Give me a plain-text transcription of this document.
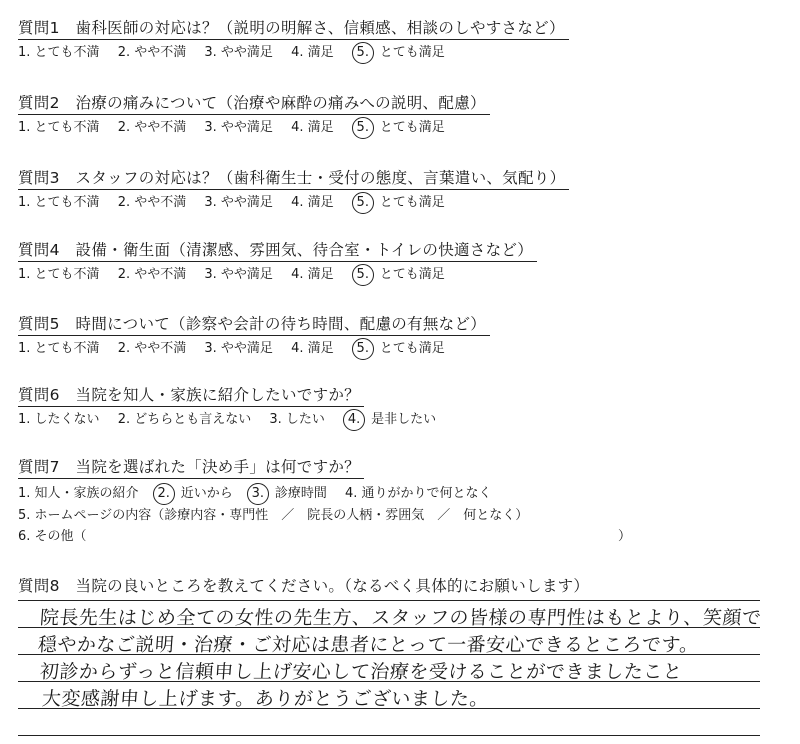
質問1　歯科医師の対応は？（説明の明解さ、信頼感、相談のしやすさなど）
1. とても不満 2. やや不満 3. やや満足 4. 満足 5. とても満足
質問2　治療の痛みについて（治療や麻酔の痛みへの説明、配慮）
1. とても不満 2. やや不満 3. やや満足 4. 満足 5. とても満足
質問3　スタッフの対応は？（歯科衛生士・受付の態度、言葉遣い、気配り）
1. とても不満 2. やや不満 3. やや満足 4. 満足 5. とても満足
質問4　設備・衛生面（清潔感、雰囲気、待合室・トイレの快適さなど）
1. とても不満 2. やや不満 3. やや満足 4. 満足 5. とても満足
質問5　時間について（診察や会計の待ち時間、配慮の有無など）
1. とても不満 2. やや不満 3. やや満足 4. 満足 5. とても満足
質問6　当院を知人・家族に紹介したいですか？
1. したくない 2. どちらとも言えない 3. したい 4. 是非したい
質問7　当院を選ばれた「決め手」は何ですか？
1. 知人・家族の紹介 2. 近いから 3. 診療時間 4. 通りがかりで何となく
5. ホームページの内容（診療内容・専門性　／　院長の人柄・雰囲気　／　何となく）
6. その他（	）
質問8　当院の良いところを教えてください。（なるべく具体的にお願いします）
院長先生はじめ全ての女性の先生方、スタッフの皆様の専門性はもとより、笑顔で
穏やかなご説明・治療・ご対応は患者にとって一番安心できるところです。
初診からずっと信頼申し上げ安心して治療を受けることができましたこと
大変感謝申し上げます。ありがとうございました。
